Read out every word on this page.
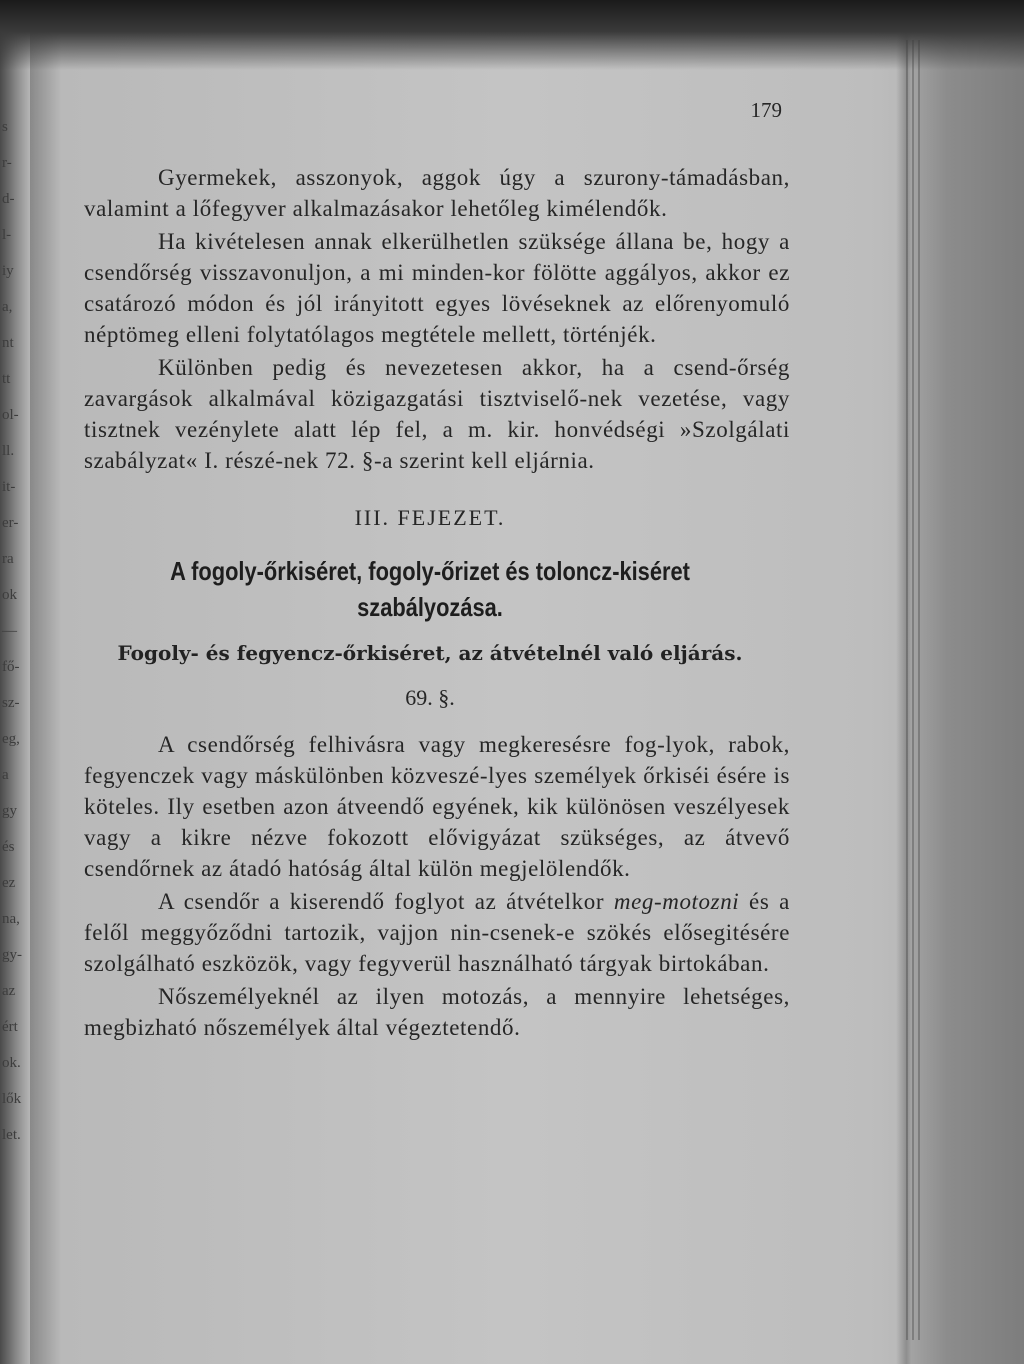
s
r-
d-
l-
iy
a,
nt
tt
ol-
ll.
it-
er-
ra
ok
—
fő-
sz-
eg,
a
gy
és
ez
na,
gy-
az
ért
ok.
lők
let.
179

Gyermekek, asszonyok, aggok úgy a szurony-támadásban, valamint a lőfegyver alkalmazásakor lehetőleg kimélendők.

Ha kivételesen annak elkerülhetlen szüksége állana be, hogy a csendőrség visszavonuljon, a mi minden-kor fölötte aggályos, akkor ez csatározó módon és jól irányitott egyes lövéseknek az előrenyomuló néptömeg elleni folytatólagos megtétele mellett, történjék.

Különben pedig és nevezetesen akkor, ha a csend-őrség zavargások alkalmával közigazgatási tisztviselő-nek vezetése, vagy tisztnek vezénylete alatt lép fel, a m. kir. honvédségi »Szolgálati szabályzat« I. részé-nek 72. §-a szerint kell eljárnia.

III. FEJEZET.
A fogoly-őrkiséret, fogoly-őrizet és toloncz-kiséret szabályozása.
Fogoly- és fegyencz-őrkiséret, az átvételnél való eljárás.
69. §.

A csendőrség felhivásra vagy megkeresésre fog-lyok, rabok, fegyenczek vagy máskülönben közveszé-lyes személyek őrkiséi ésére is köteles. Ily esetben azon átveendő egyének, kik különösen veszélyesek vagy a kikre nézve fokozott elővigyázat szükséges, az átvevő csendőrnek az átadó hatóság által külön megjelölendők.

A csendőr a kiserendő foglyot az átvételkor meg-motozni és a felől meggyőződni tartozik, vajjon nin-csenek-e szökés elősegitésére szolgálható eszközök, vagy fegyverül használható tárgyak birtokában.

Nőszemélyeknél az ilyen motozás, a mennyire lehetséges, megbizható nőszemélyek által végeztetendő.
